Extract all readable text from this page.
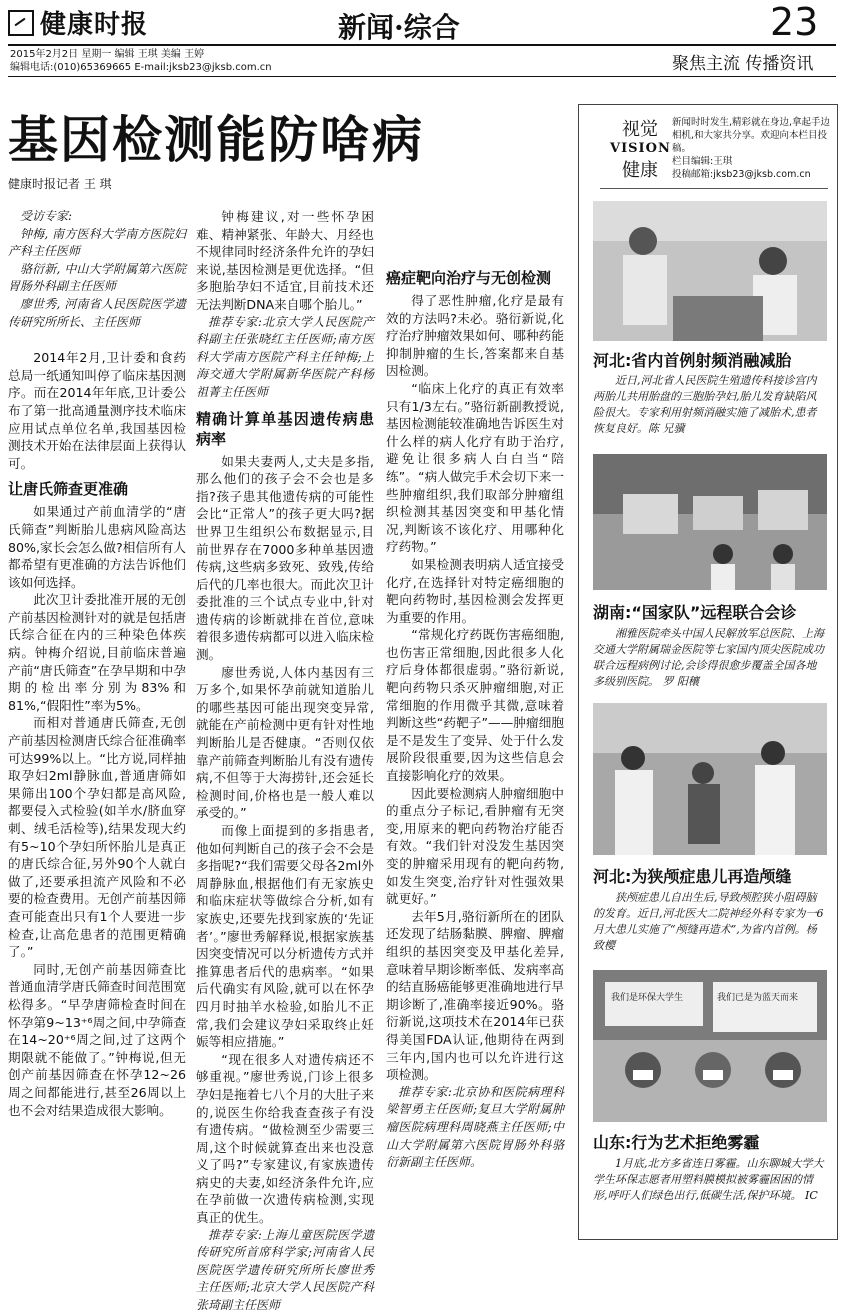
健康时报	新闻·综合	23
2015年2月2日 星期一 编辑 王琪 美编 王婷
编辑电话:(010)65369665 E-mail:jksb23@jksb.com.cn	聚焦主流 传播资讯
基因检测能防啥病
健康时报记者 王 琪

受访专家:

钟梅, 南方医科大学南方医院妇产科主任医师

骆衍新, 中山大学附属第六医院胃肠外科副主任医师

廖世秀, 河南省人民医院医学遗传研究所所长、主任医师

2014年2月,卫计委和食药总局一纸通知叫停了临床基因测序。而在2014年年底,卫计委公布了第一批高通量测序技术临床应用试点单位名单,我国基因检测技术开始在法律层面上获得认可。

让唐氏筛查更准确

如果通过产前血清学的“唐氏筛查”判断胎儿患病风险高达80%,家长会怎么做?相信所有人都希望有更准确的方法告诉他们该如何选择。

此次卫计委批准开展的无创产前基因检测针对的就是包括唐氏综合征在内的三种染色体疾病。钟梅介绍说,目前临床普遍产前“唐氏筛查”在孕早期和中孕期的检出率分别为83%和81%,“假阳性”率为5%。

而相对普通唐氏筛查,无创产前基因检测唐氏综合征准确率可达99%以上。“比方说,同样抽取孕妇2ml静脉血,普通唐筛如果筛出100个孕妇都是高风险,都要侵入式检验(如羊水/脐血穿刺、绒毛活检等),结果发现大约有5~10个孕妇所怀胎儿是真正的唐氏综合征,另外90个人就白做了,还要承担流产风险和不必要的检查费用。无创产前基因筛查可能查出只有1个人要进一步检查,让高危患者的范围更精确了。”

同时,无创产前基因筛查比普通血清学唐氏筛查时间范围宽松得多。“早孕唐筛检查时间在怀孕第9~13⁺⁶周之间,中孕筛查在14~20⁺⁶周之间,过了这两个期限就不能做了。”钟梅说,但无创产前基因筛查在怀孕12~26周之间都能进行,甚至26周以上也不会对结果造成很大影响。

钟梅建议,对一些怀孕困难、精神紧张、年龄大、月经也不规律同时经济条件允许的孕妇来说,基因检测是更优选择。“但多胞胎孕妇不适宜,目前技术还无法判断DNA来自哪个胎儿。”

推荐专家:北京大学人民医院产科副主任张晓红主任医师;南方医科大学南方医院产科主任钟梅;上海交通大学附属新华医院产科杨祖菁主任医师

精确计算单基因遗传病患病率

如果夫妻两人,丈夫是多指,那么他们的孩子会不会也是多指?孩子患其他遗传病的可能性会比“正常人”的孩子更大吗?据世界卫生组织公布数据显示,目前世界存在7000多种单基因遗传病,这些病多致死、致残,传给后代的几率也很大。而此次卫计委批准的三个试点专业中,针对遗传病的诊断就排在首位,意味着很多遗传病都可以进入临床检测。

廖世秀说,人体内基因有三万多个,如果怀孕前就知道胎儿的哪些基因可能出现突变异常,就能在产前检测中更有针对性地判断胎儿是否健康。“否则仅依靠产前筛查判断胎儿有没有遗传病,不但等于大海捞针,还会延长检测时间,价格也是一般人难以承受的。”

而像上面提到的多指患者,他如何判断自己的孩子会不会是多指呢?“我们需要父母各2ml外周静脉血,根据他们有无家族史和临床症状等做综合分析,如有家族史,还要先找到家族的‘先证者’。”廖世秀解释说,根据家族基因突变情况可以分析遗传方式并推算患者后代的患病率。“如果后代确实有风险,就可以在怀孕四月时抽羊水检验,如胎儿不正常,我们会建议孕妇采取终止妊娠等相应措施。”

“现在很多人对遗传病还不够重视。”廖世秀说,门诊上很多孕妇是拖着七八个月的大肚子来的,说医生你给我查查孩子有没有遗传病。“做检测至少需要三周,这个时候就算查出来也没意义了吗?”专家建议,有家族遗传病史的夫妻,如经济条件允许,应在孕前做一次遗传病检测,实现真正的优生。

推荐专家:上海儿童医院医学遗传研究所首席科学家;河南省人民医院医学遗传研究所所长廖世秀主任医师;北京大学人民医院产科张琦副主任医师

癌症靶向治疗与无创检测

得了恶性肿瘤,化疗是最有效的方法吗?未必。骆衍新说,化疗治疗肿瘤效果如何、哪种药能抑制肿瘤的生长,答案都来自基因检测。

“临床上化疗的真正有效率只有1/3左右。”骆衍新副教授说,基因检测能较准确地告诉医生对什么样的病人化疗有助于治疗,避免让很多病人白白当“陪练”。“病人做完手术会切下来一些肿瘤组织,我们取部分肿瘤组织检测其基因突变和甲基化情况,判断该不该化疗、用哪种化疗药物。”

如果检测表明病人适宜接受化疗,在选择针对特定癌细胞的靶向药物时,基因检测会发挥更为重要的作用。

“常规化疗药既伤害癌细胞,也伤害正常细胞,因此很多人化疗后身体都很虚弱。”骆衍新说,靶向药物只杀灭肿瘤细胞,对正常细胞的作用微乎其微,意味着判断这些“药靶子”——肿瘤细胞是不是发生了变异、处于什么发展阶段很重要,因为这些信息会直接影响化疗的效果。

因此要检测病人肿瘤细胞中的重点分子标记,看肿瘤有无突变,用原来的靶向药物治疗能否有效。“我们针对没发生基因突变的肿瘤采用现有的靶向药物,如发生突变,治疗针对性强效果就更好。”

去年5月,骆衍新所在的团队还发现了结肠黏膜、脾瘤、脾瘤组织的基因突变及甲基化差异,意味着早期诊断率低、发病率高的结直肠癌能够更准确地进行早期诊断了,准确率接近90%。骆衍新说,这项技术在2014年已获得美国FDA认证,他期待在两到三年内,国内也可以允许进行这项检测。

推荐专家:北京协和医院病理科梁智勇主任医师;复旦大学附属肿瘤医院病理科周晓燕主任医师;中山大学附属第六医院胃肠外科骆衍新副主任医师。

视觉
VISION
健康
新闻时时发生,精彩就在身边,拿起手边相机,和大家共分享。欢迎向本栏目投稿。
栏目编辑:王琪
投稿邮箱:jksb23@jksb.com.cn
河北:省内首例射频消融减胎
近日,河北省人民医院生殖遗传科接诊宫内两胎儿共用胎盘的三胞胎孕妇,胎儿发育缺陷风险很大。专家利用射频消融实施了减胎术,患者恢复良好。陈 兄骥
湖南:“国家队”远程联合会诊
湘雅医院牵头中国人民解放军总医院、上海交通大学附属瑞金医院等七家国内顶尖医院成功联合远程病例讨论,会诊得很愈步覆盖全国各地多级别医院。 罗 阳穰
河北:为狭颅症患儿再造颅缝
狭颅症患儿自出生后,导致颅腔狭小阻碍脑的发育。近日,河北医大二院神经外科专家为一6月大患儿实施了“颅缝再造术”,为省内首例。杨 致樱
我们是环保大学生	我们已是为蓝天而来
山东:行为艺术拒绝雾霾
1月底,北方多省连日雾霾。山东聊城大学大学生环保志愿者用塑料膜模拟被雾霾困困的情形,呼吁人们绿色出行,低碳生活,保护环境。 IC
